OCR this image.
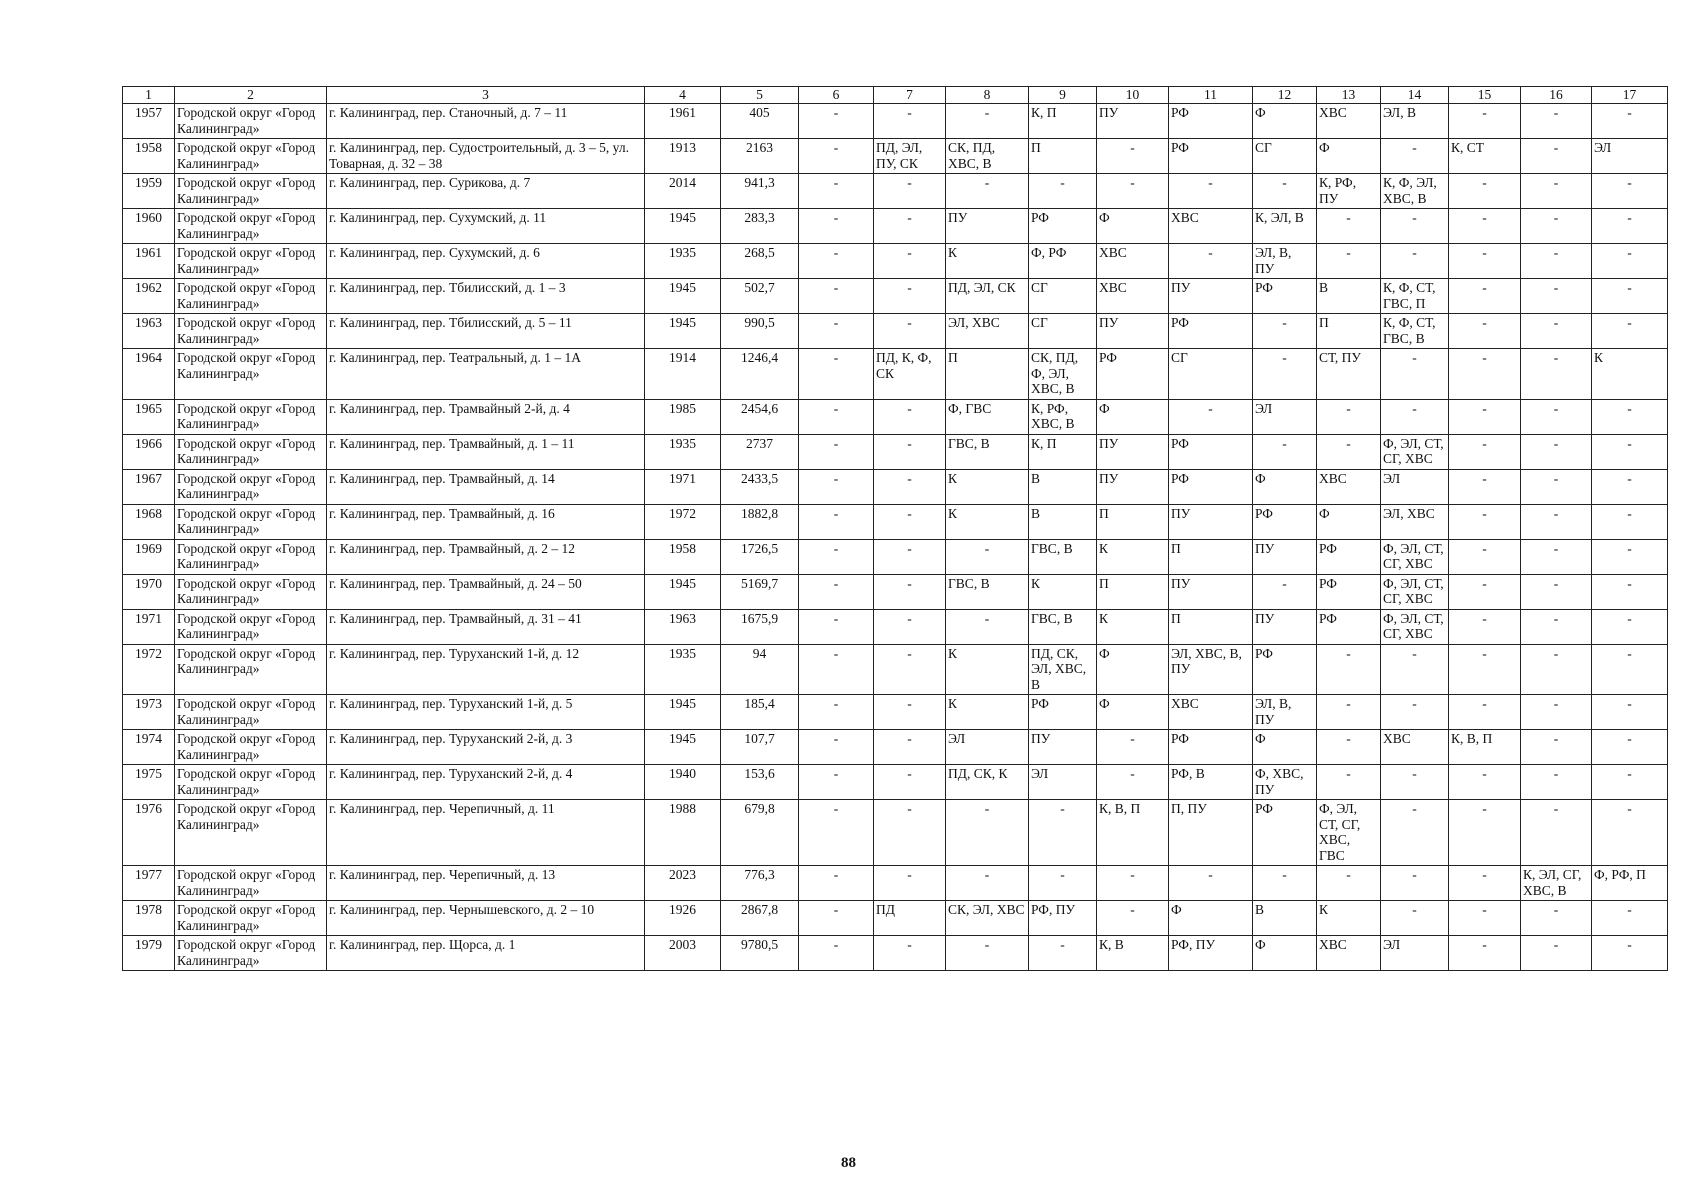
1	2	3	4	5	6	7	8	9	10	11	12	13	14	15	16	17
1957	Городской округ «Город Калининград»	г. Калининград, пер. Станочный, д. 7 – 11	1961	405	-	-	-	К, П	ПУ	РФ	Ф	ХВС	ЭЛ, В	-	-	-
1958	Городской округ «Город Калининград»	г. Калининград, пер. Судостроительный, д. 3 – 5, ул. Товарная, д. 32 – 38	1913	2163	-	ПД, ЭЛ, ПУ, СК	СК, ПД, ХВС, В	П	-	РФ	СГ	Ф	-	К, СТ	-	ЭЛ
1959	Городской округ «Город Калининград»	г. Калининград, пер. Сурикова, д. 7	2014	941,3	-	-	-	-	-	-	-	К, РФ, ПУ	К, Ф, ЭЛ, ХВС, В	-	-	-
1960	Городской округ «Город Калининград»	г. Калининград, пер. Сухумский, д. 11	1945	283,3	-	-	ПУ	РФ	Ф	ХВС	К, ЭЛ, В	-	-	-	-	-
1961	Городской округ «Город Калининград»	г. Калининград, пер. Сухумский, д. 6	1935	268,5	-	-	К	Ф, РФ	ХВС	-	ЭЛ, В, ПУ	-	-	-	-	-
1962	Городской округ «Город Калининград»	г. Калининград, пер. Тбилисский, д. 1 – 3	1945	502,7	-	-	ПД, ЭЛ, СК	СГ	ХВС	ПУ	РФ	В	К, Ф, СТ, ГВС, П	-	-	-
1963	Городской округ «Город Калининград»	г. Калининград, пер. Тбилисский, д. 5 – 11	1945	990,5	-	-	ЭЛ, ХВС	СГ	ПУ	РФ	-	П	К, Ф, СТ, ГВС, В	-	-	-
1964	Городской округ «Город Калининград»	г. Калининград, пер. Театральный, д. 1 – 1А	1914	1246,4	-	ПД, К, Ф, СК	П	СК, ПД, Ф, ЭЛ, ХВС, В	РФ	СГ	-	СТ, ПУ	-	-	-	К
1965	Городской округ «Город Калининград»	г. Калининград, пер. Трамвайный 2-й, д. 4	1985	2454,6	-	-	Ф, ГВС	К, РФ, ХВС, В	Ф	-	ЭЛ	-	-	-	-	-
1966	Городской округ «Город Калининград»	г. Калининград, пер. Трамвайный, д. 1 – 11	1935	2737	-	-	ГВС, В	К, П	ПУ	РФ	-	-	Ф, ЭЛ, СТ, СГ, ХВС	-	-	-
1967	Городской округ «Город Калининград»	г. Калининград, пер. Трамвайный, д. 14	1971	2433,5	-	-	К	В	ПУ	РФ	Ф	ХВС	ЭЛ	-	-	-
1968	Городской округ «Город Калининград»	г. Калининград, пер. Трамвайный, д. 16	1972	1882,8	-	-	К	В	П	ПУ	РФ	Ф	ЭЛ, ХВС	-	-	-
1969	Городской округ «Город Калининград»	г. Калининград, пер. Трамвайный, д. 2 – 12	1958	1726,5	-	-	-	ГВС, В	К	П	ПУ	РФ	Ф, ЭЛ, СТ, СГ, ХВС	-	-	-
1970	Городской округ «Город Калининград»	г. Калининград, пер. Трамвайный, д. 24 – 50	1945	5169,7	-	-	ГВС, В	К	П	ПУ	-	РФ	Ф, ЭЛ, СТ, СГ, ХВС	-	-	-
1971	Городской округ «Город Калининград»	г. Калининград, пер. Трамвайный, д. 31 – 41	1963	1675,9	-	-	-	ГВС, В	К	П	ПУ	РФ	Ф, ЭЛ, СТ, СГ, ХВС	-	-	-
1972	Городской округ «Город Калининград»	г. Калининград, пер. Туруханский 1-й, д. 12	1935	94	-	-	К	ПД, СК, ЭЛ, ХВС, В	Ф	ЭЛ, ХВС, В, ПУ	РФ	-	-	-	-	-
1973	Городской округ «Город Калининград»	г. Калининград, пер. Туруханский 1-й, д. 5	1945	185,4	-	-	К	РФ	Ф	ХВС	ЭЛ, В, ПУ	-	-	-	-	-
1974	Городской округ «Город Калининград»	г. Калининград, пер. Туруханский 2-й, д. 3	1945	107,7	-	-	ЭЛ	ПУ	-	РФ	Ф	-	ХВС	К, В, П	-	-
1975	Городской округ «Город Калининград»	г. Калининград, пер. Туруханский 2-й, д. 4	1940	153,6	-	-	ПД, СК, К	ЭЛ	-	РФ, В	Ф, ХВС, ПУ	-	-	-	-	-
1976	Городской округ «Город Калининград»	г. Калининград, пер. Черепичный, д. 11	1988	679,8	-	-	-	-	К, В, П	П, ПУ	РФ	Ф, ЭЛ, СТ, СГ, ХВС, ГВС	-	-	-	-
1977	Городской округ «Город Калининград»	г. Калининград, пер. Черепичный, д. 13	2023	776,3	-	-	-	-	-	-	-	-	-	-	К, ЭЛ, СГ, ХВС, В	Ф, РФ, П
1978	Городской округ «Город Калининград»	г. Калининград, пер. Чернышевского, д. 2 – 10	1926	2867,8	-	ПД	СК, ЭЛ, ХВС	РФ, ПУ	-	Ф	В	К	-	-	-	-
1979	Городской округ «Город Калининград»	г. Калининград, пер. Щорса, д. 1	2003	9780,5	-	-	-	-	К, В	РФ, ПУ	Ф	ХВС	ЭЛ	-	-	-
88
